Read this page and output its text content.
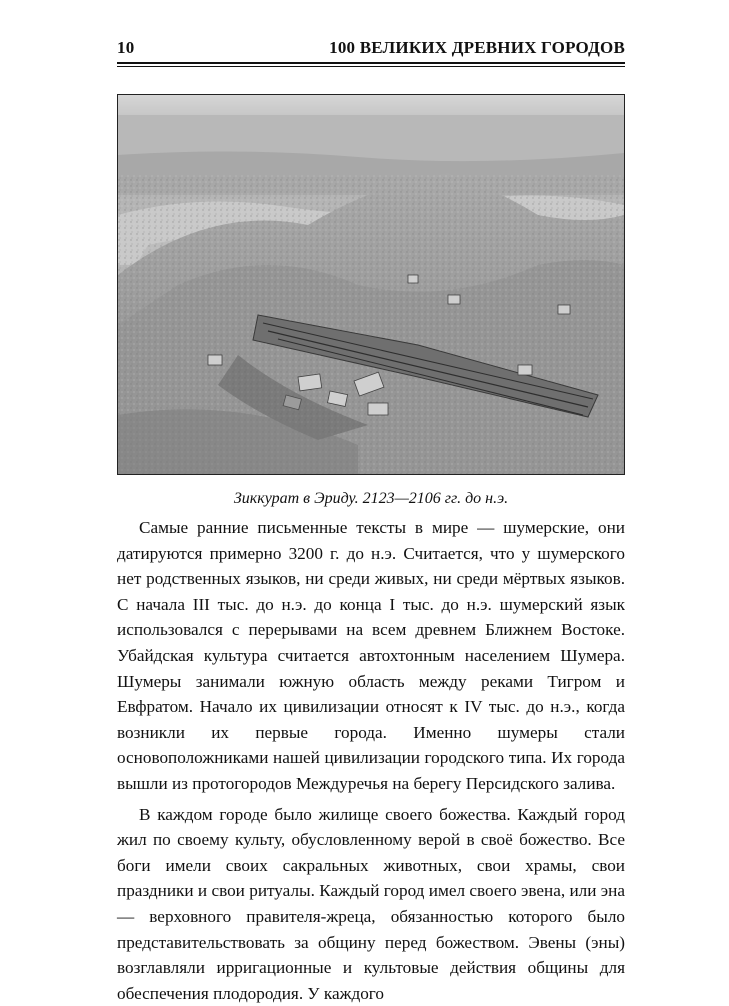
10	100 ВЕЛИКИХ ДРЕВНИХ ГОРОДОВ
Зиккурат в Эриду. 2123—2106 гг. до н.э.

Самые ранние письменные тексты в мире — шумерские, они датируются примерно 3200 г. до н.э. Считается, что у шумерского нет родственных языков, ни среди живых, ни среди мёртвых языков. С начала III тыс. до н.э. до конца I тыс. до н.э. шумерский язык использовался с перерывами на всем древнем Ближнем Востоке. Убайдская культура считается автохтонным населением Шумера. Шумеры занимали южную область между реками Тигром и Евфратом. Начало их цивилизации относят к IV тыс. до н.э., когда возникли их первые города. Именно шумеры стали основоположниками нашей цивилизации городского типа. Их города вышли из протогородов Междуречья на берегу Персидского залива.

В каждом городе было жилище своего божества. Каждый город жил по своему культу, обусловленному верой в своё божество. Все боги имели своих сакральных животных, свои храмы, свои праздники и свои ритуалы. Каждый город имел своего эвена, или эна — верховного правителя-жреца, обязанностью которого было представительствовать за общину перед божеством. Эвены (эны) возглавляли ирригационные и культовые действия общины для обеспечения плодородия. У каждого
